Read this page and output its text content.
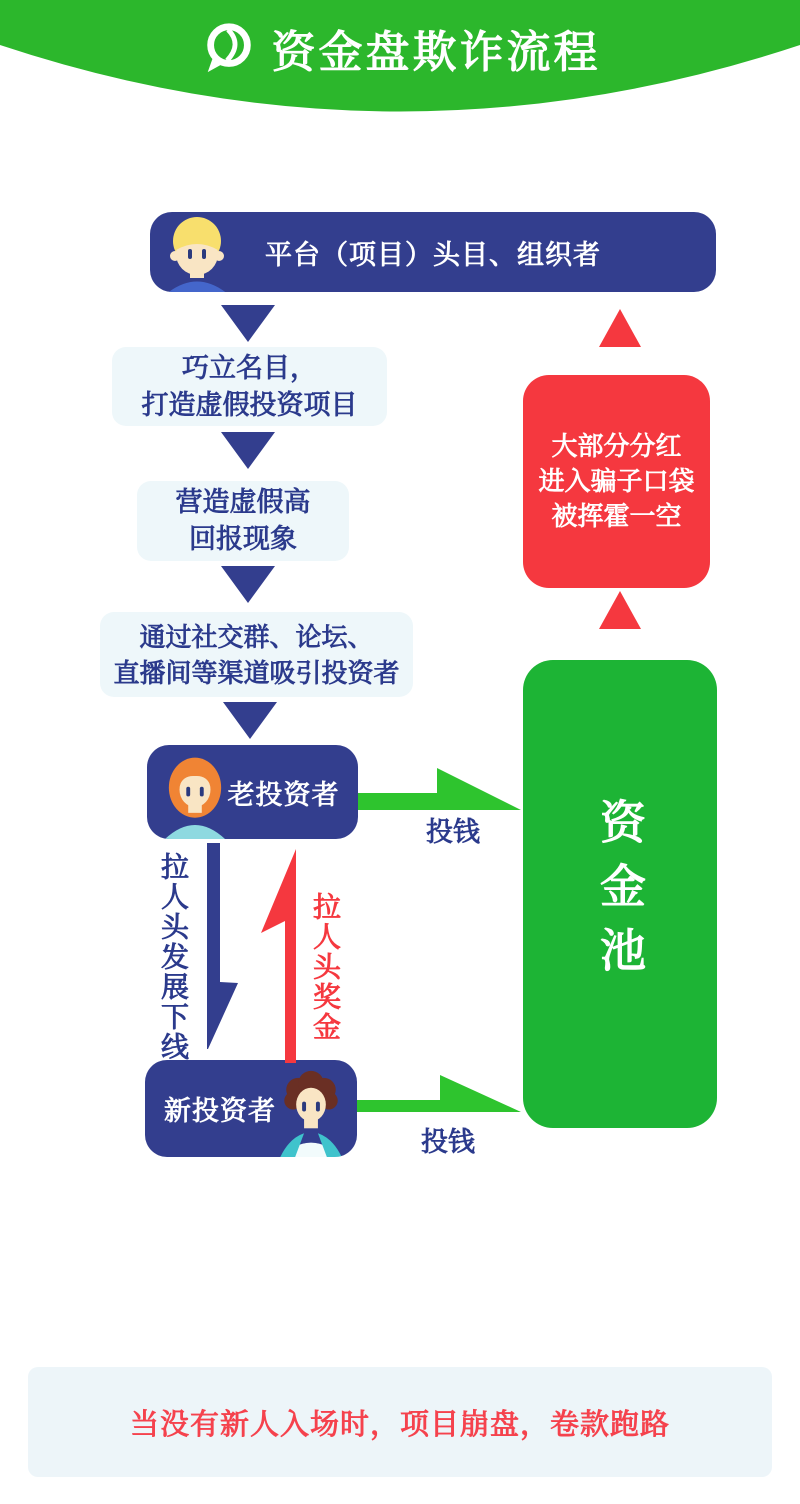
资金盘欺诈流程
平台（项目）头目、组织者
巧立名目，
打造虚假投资项目
营造虚假高
回报现象
通过社交群、论坛、
直播间等渠道吸引投资者
老投资者
新投资者
投钱
投钱
拉人头发展下线	拉人头奖金
大部分分红
进入骗子口袋
被挥霍一空
资金池
当没有新人入场时，项目崩盘，卷款跑路
